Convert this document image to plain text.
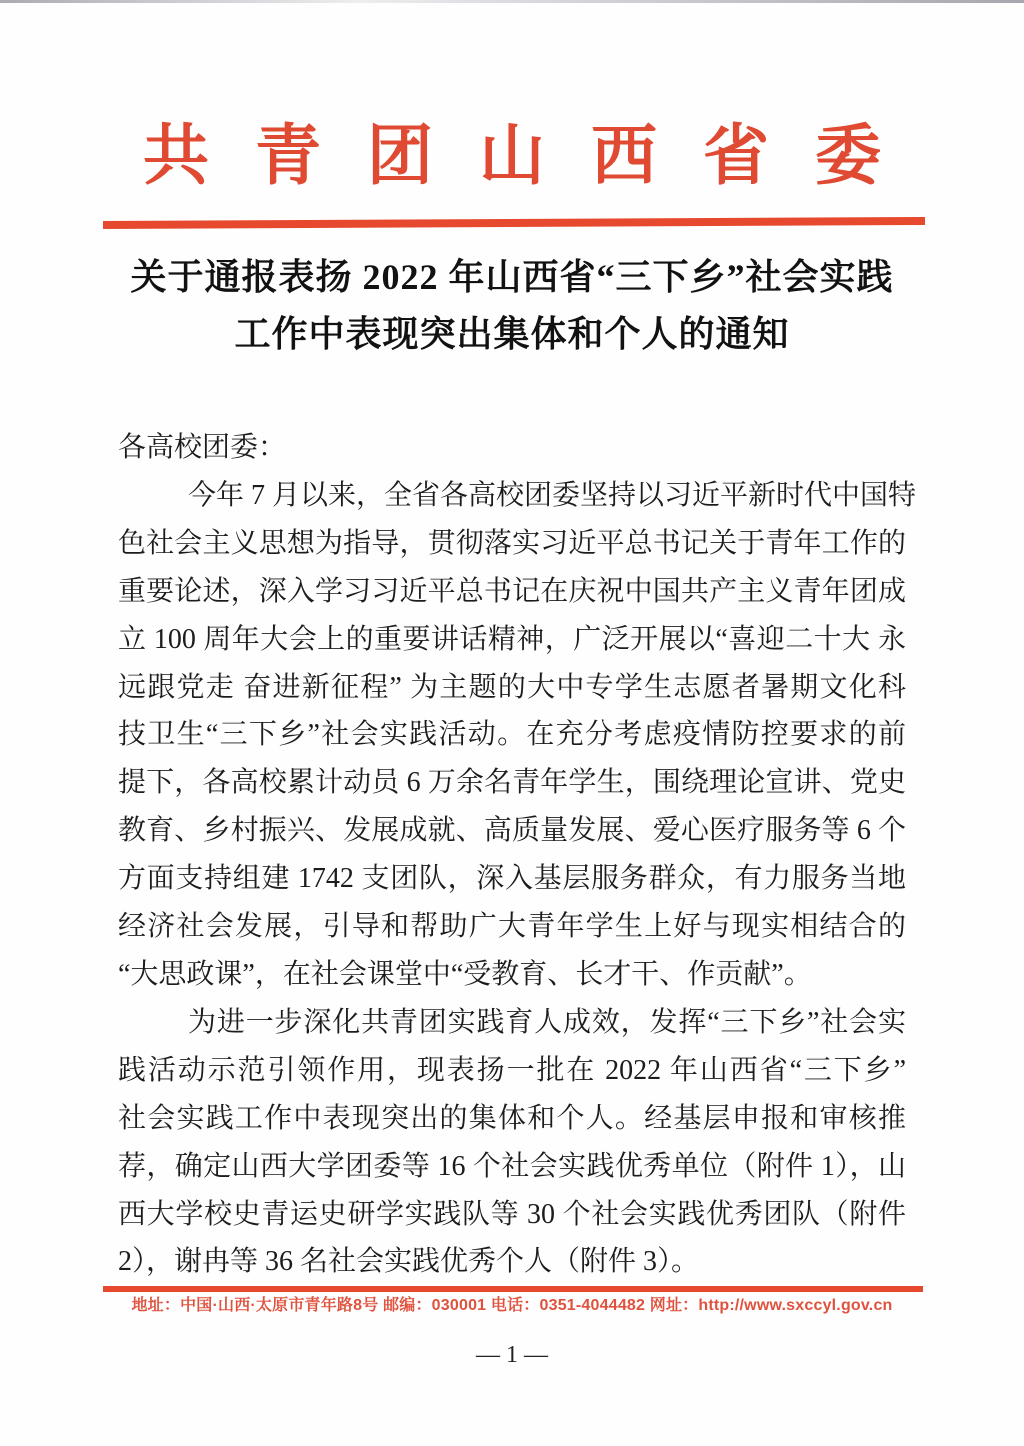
共 青 团 山 西 省 委
关于通报表扬 2022 年山西省“三下乡”社会实践
工作中表现突出集体和个人的通知
各高校团委：
今年 7 月以来，全省各高校团委坚持以习近平新时代中国特
色社会主义思想为指导，贯彻落实习近平总书记关于青年工作的
重要论述，深入学习习近平总书记在庆祝中国共产主义青年团成
立 100 周年大会上的重要讲话精神，广泛开展以“喜迎二十大 永
远跟党走 奋进新征程” 为主题的大中专学生志愿者暑期文化科
技卫生“三下乡”社会实践活动。在充分考虑疫情防控要求的前
提下，各高校累计动员 6 万余名青年学生，围绕理论宣讲、党史
教育、乡村振兴、发展成就、高质量发展、爱心医疗服务等 6 个
方面支持组建 1742 支团队，深入基层服务群众，有力服务当地
经济社会发展，引导和帮助广大青年学生上好与现实相结合的
“大思政课”，在社会课堂中“受教育、长才干、作贡献”。
为进一步深化共青团实践育人成效，发挥“三下乡”社会实
践活动示范引领作用，现表扬一批在 2022 年山西省“三下乡”
社会实践工作中表现突出的集体和个人。经基层申报和审核推
荐，确定山西大学团委等 16 个社会实践优秀单位（附件 1），山
西大学校史青运史研学实践队等 30 个社会实践优秀团队（附件
2），谢冉等 36 名社会实践优秀个人（附件 3）。
地址：中国·山西·太原市青年路8号 邮编：030001 电话：0351-4044482 网址：http://www.sxccyl.gov.cn
— 1 —
